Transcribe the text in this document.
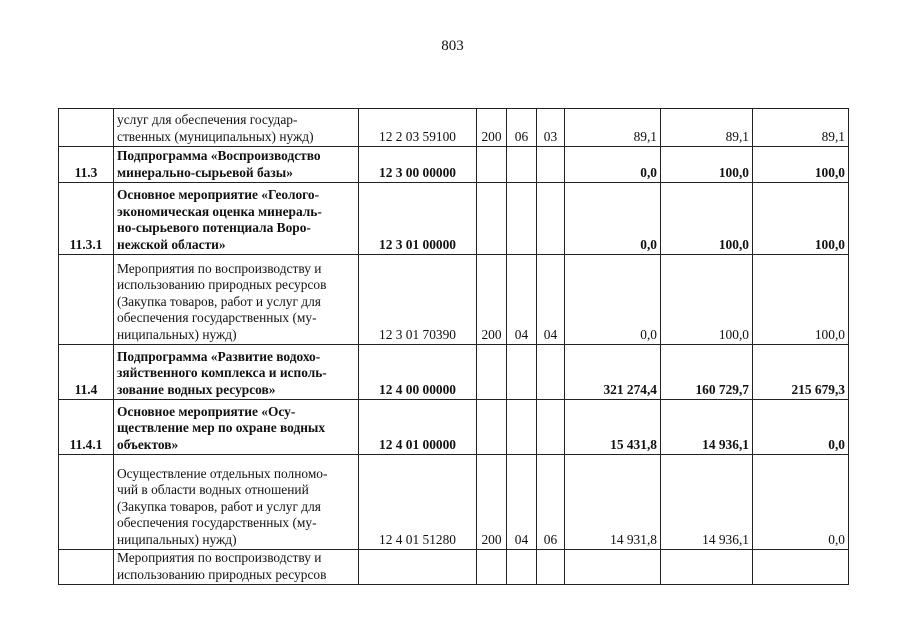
803

	услуг для обеспечения государ-
ственных (муниципальных) нужд)	12 2 03 59100	200	06	03	89,1	89,1	89,1
11.3	Подпрограмма «Воспроизводство
минерально-сырьевой базы»	12 3 00 00000				0,0	100,0	100,0
11.3.1	Основное мероприятие «Геолого-
экономическая оценка минераль-
но-сырьевого потенциала Воро-
нежской области»	12 3 01 00000				0,0	100,0	100,0

	Мероприятия по воспроизводству и
использованию природных ресурсов
(Закупка товаров, работ и услуг для
обеспечения государственных (му-
ниципальных) нужд)	12 3 01 70390	200	04	04	0,0	100,0	100,0
11.4	Подпрограмма «Развитие водохо-
зяйственного комплекса и исполь-
зование водных ресурсов»	12 4 00 00000				321 274,4	160 729,7	215 679,3
11.4.1	Основное мероприятие «Осу-
ществление мер по охране водных
объектов»	12 4 01 00000				15 431,8	14 936,1	0,0

	Осуществление отдельных полномо-
чий в области водных отношений
(Закупка товаров, работ и услуг для
обеспечения государственных (му-
ниципальных) нужд)	12 4 01 51280	200	04	06	14 931,8	14 936,1	0,0

	Мероприятия по воспроизводству и
использованию природных ресурсов							
